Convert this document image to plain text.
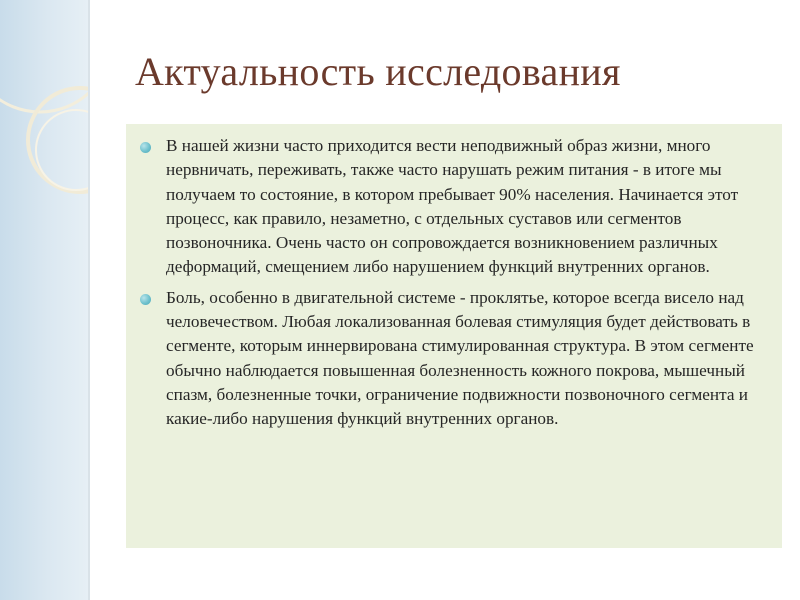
Актуальность исследования
В нашей жизни часто приходится вести неподвижный образ жизни, много нервничать, переживать, также часто нарушать режим питания - в итоге мы получаем то состояние, в котором пребывает 90% населения. Начинается этот процесс, как правило, незаметно, с отдельных суставов или сегментов позвоночника. Очень часто он сопровождается возникновением различных деформаций, смещением либо нарушением функций внутренних органов.
Боль, особенно в двигательной системе - проклятье, которое всегда висело над человечеством. Любая локализованная болевая стимуляция будет действовать в сегменте, которым иннервирована стимулированная структура. В этом сегменте обычно наблюдается повышенная болезненность кожного покрова, мышечный спазм, болезненные точки, ограничение подвижности позвоночного сегмента и какие-либо нарушения функций внутренних органов.
